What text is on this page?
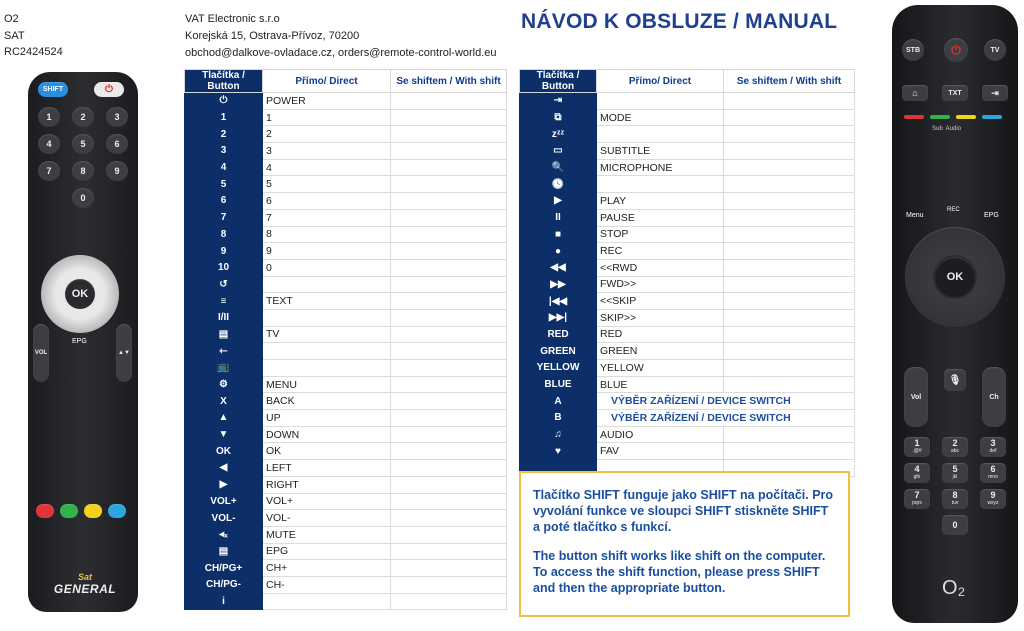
O2
SAT
RC2424524
VAT Electronic s.r.o
Korejská 15, Ostrava-Přívoz, 70200
obchod@dalkove-ovladace.cz, orders@remote-control-world.eu
NÁVOD K OBSLUZE / MANUAL
Tlačítka / Button	Přímo/ Direct	Se shiftem / With shift
⏻	POWER	
1	1	
2	2	
3	3	
4	4	
5	5	
6	6	
7	7	
8	8	
9	9	
10	0	
↺		
≡	TEXT	
I/II		
▤	TV	
⇽		
📺		
⚙	MENU	
X	BACK	
▲	UP	
▼	DOWN	
OK	OK	
◀	LEFT	
▶	RIGHT	
VOL+	VOL+	
VOL-	VOL-	
◂ₓ	MUTE	
▤	EPG	
CH/PG+	CH+	
CH/PG-	CH-	
i		
Tlačítka / Button	Přímo/ Direct	Se shiftem / With shift
⇥		
⧉	MODE	
zᶻᶻ		
▭	SUBTITLE	
🔍	MICROPHONE	
🕓		
▶	PLAY	
II	PAUSE	
■	STOP	
●	REC	
◀◀	<<RWD	
▶▶	FWD>>	
|◀◀	<<SKIP	
▶▶|	SKIP>>	
RED	RED	
GREEN	GREEN	
YELLOW	YELLOW	
BLUE	BLUE	
A	VÝBĚR ZAŘÍZENÍ / DEVICE SWITCH	
B	VÝBĚR ZAŘÍZENÍ / DEVICE SWITCH	
♫	AUDIO	
♥	FAV	

Tlačítko SHIFT funguje jako SHIFT na počítači. Pro vyvolání funkce ve sloupci SHIFT stiskněte SHIFT a poté tlačítko s funkcí.

The button shift works like shift on the computer. To access the shift function, please press SHIFT and then the appropriate button.

SHIFT	⏻
1	2	3
4	5	6
7	8	9
0
OK
EPG
VOL	▲▼
Sat
GENERAL
STB	⏻	TV
⌂	TXT	⇥
Sub  Audio
Menu
REC
EPG
OK
Vol
🎙
Ch
1
.@#
2
abc
3
def
4
ghi
5
jkl
6
mno
7
pqrs
8
tuv
9
wxyz
0
O₂
